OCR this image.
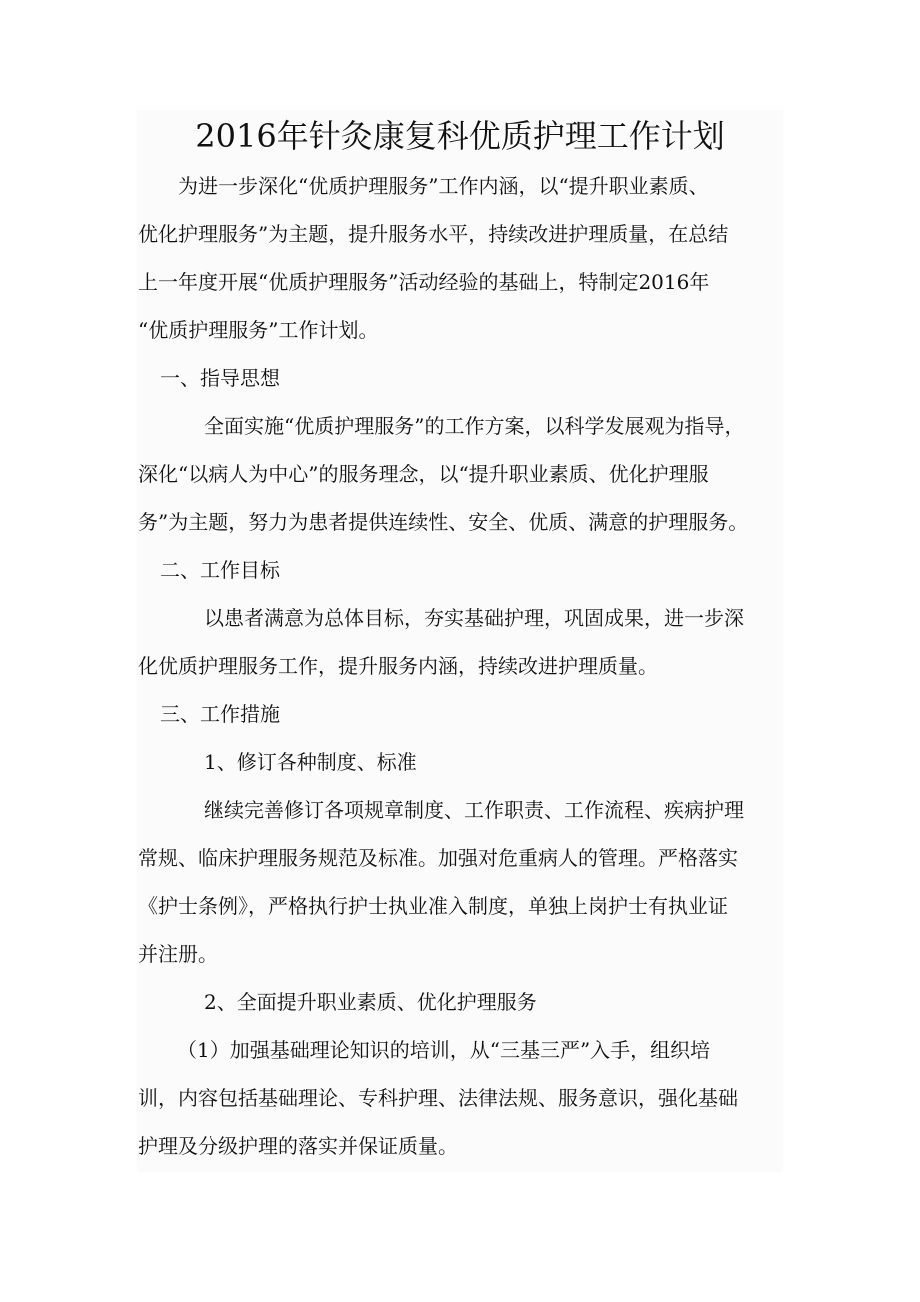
2016年针灸康复科优质护理工作计划

为进一步深化“优质护理服务”工作内涵，以“提升职业素质、

优化护理服务”为主题，提升服务水平，持续改进护理质量，在总结

上一年度开展“优质护理服务”活动经验的基础上，特制定2016年

“优质护理服务”工作计划。

一、指导思想

全面实施“优质护理服务”的工作方案，以科学发展观为指导，

深化“以病人为中心”的服务理念，以“提升职业素质、优化护理服

务”为主题，努力为患者提供连续性、安全、优质、满意的护理服务。

二、工作目标

以患者满意为总体目标，夯实基础护理，巩固成果，进一步深

化优质护理服务工作，提升服务内涵，持续改进护理质量。

三、工作措施

1、修订各种制度、标准

继续完善修订各项规章制度、工作职责、工作流程、疾病护理

常规、临床护理服务规范及标准。加强对危重病人的管理。严格落实

《护士条例》，严格执行护士执业准入制度，单独上岗护士有执业证

并注册。

2、全面提升职业素质、优化护理服务

（1）加强基础理论知识的培训，从“三基三严”入手，组织培

训，内容包括基础理论、专科护理、法律法规、服务意识，强化基础

护理及分级护理的落实并保证质量。
